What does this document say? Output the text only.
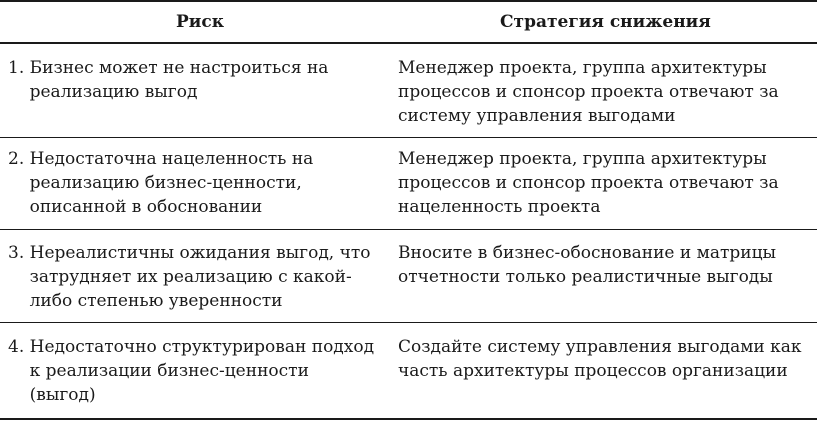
Риск	Стратегия снижения
1. Бизнес может не настроиться на
реализацию выгод
Менеджер проекта, группа архитектуры
процессов и спонсор проекта отвечают за
систему управления выгодами
2. Недостаточна нацеленность на
реализацию бизнес-ценности,
описанной в обосновании
Менеджер проекта, группа архитектуры
процессов и спонсор проекта отвечают за
нацеленность проекта
3. Нереалистичны ожидания выгод, что
затрудняет их реализацию с какой-
либо степенью уверенности
Вносите в бизнес-обоснование и матрицы
отчетности только реалистичные выгоды
4. Недостаточно структурирован подход
к реализации бизнес-ценности
(выгод)
Создайте систему управления выгодами как
часть архитектуры процессов организации
